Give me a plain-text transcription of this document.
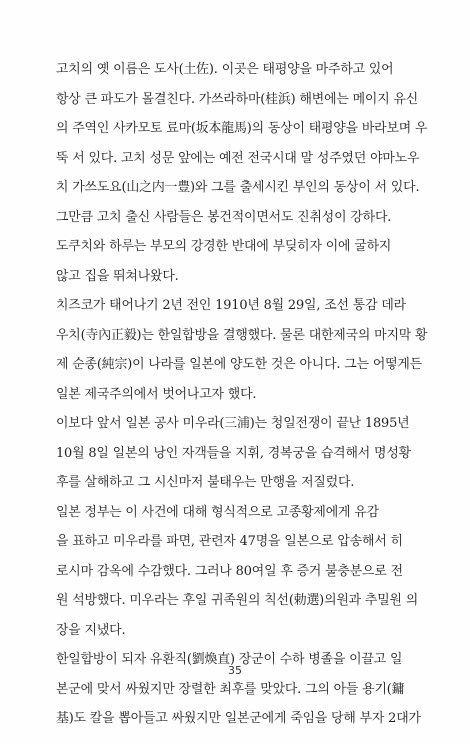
고치의 옛 이름은 도사(土佐). 이곳은 태평양을 마주하고 있어
항상 큰 파도가 몰결친다. 가쓰라하마(桂浜) 해변에는 메이지 유신
의 주역인 사카모토 료마(坂本龍馬)의 동상이 태평양을 바라보며 우
뚝 서 있다. 고치 성문 앞에는 예전 전국시대 말 성주였던 야마노우
치 가쓰도요(山之内一豊)와 그를 출세시킨 부인의 동상이 서 있다.
그만큼 고치 출신 사람들은 봉건적이면서도 진취성이 강하다.
도쿠치와 하루는 부모의 강경한 반대에 부딪히자 이에 굴하지
않고 집을 뛰쳐나왔다.
치즈코가 태어나기 2년 전인 1910년 8월 29일, 조선 통감 데라
우치(寺內正毅)는 한일합방을 결행했다. 물론 대한제국의 마지막 황
제 순종(純宗)이 나라를 일본에 양도한 것은 아니다. 그는 어떻게든
일본 제국주의에서 벗어나고자 했다.
이보다 앞서 일본 공사 미우라(三浦)는 청일전쟁이 끝난 1895년
10월 8일 일본의 낭인 자객들을 지휘, 경복궁을 습격해서 명성황
후를 살해하고 그 시신마저 불태우는 만행을 저질렀다.
일본 정부는 이 사건에 대해 형식적으로 고종황제에게 유감
을 표하고 미우라를 파면, 관련자 47명을 일본으로 압송해서 히
로시마 감옥에 수감했다. 그러나 80여일 후 증거 불충분으로 전
원 석방했다. 미우라는 후일 귀족원의 칙선(勅選)의원과 추밀원 의
장을 지냈다.
한일합방이 되자 유환직(劉煥直) 장군이 수하 병졸을 이끌고 일
본군에 맞서 싸웠지만 장렬한 최후를 맞았다. 그의 아들 용기(鏞
基)도 칼을 뽑아들고 싸웠지만 일본군에게 죽임을 당해 부자 2대가
35
